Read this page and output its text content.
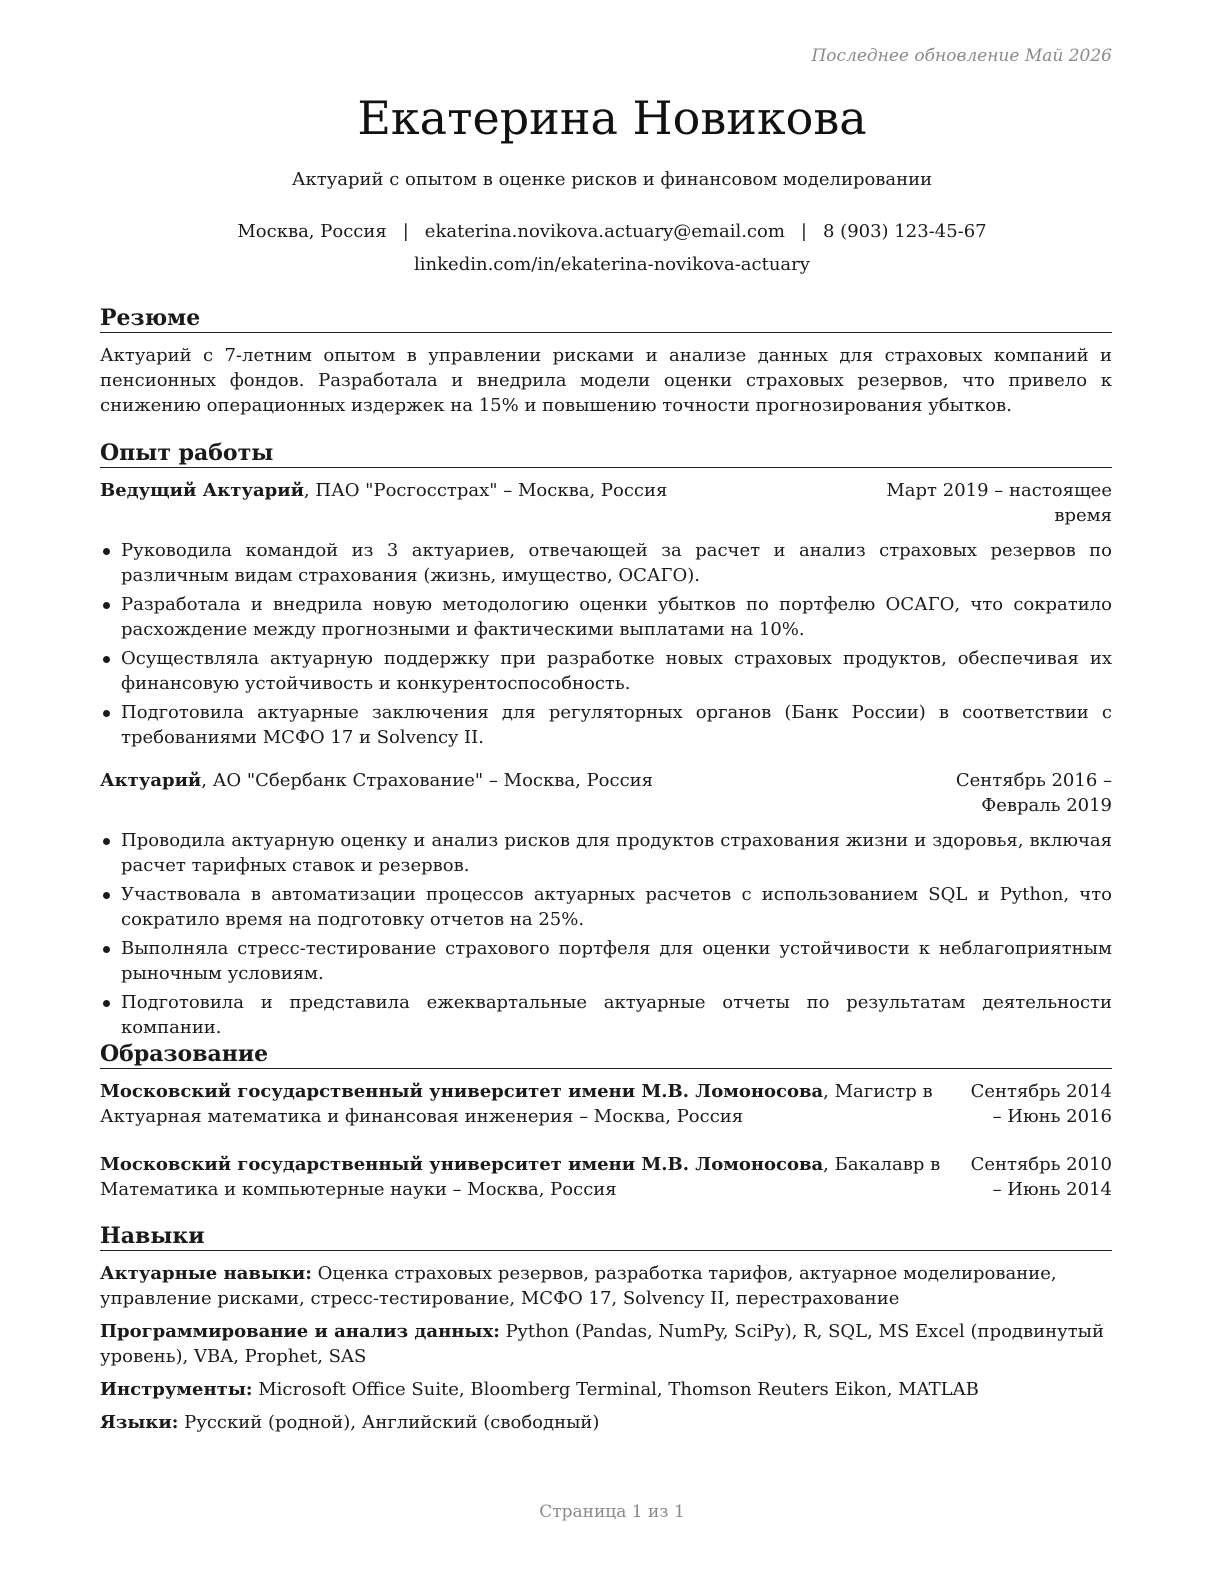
Последнее обновление Май 2026
Екатерина Новикова
Актуарий с опытом в оценке рисков и финансовом моделировании
Москва, Россия | ekaterina.novikova.actuary@email.com | 8 (903) 123-45-67
linkedin.com/in/ekaterina-novikova-actuary
Резюме

Актуарий с 7-летним опытом в управлении рисками и анализе данных для страховых компаний и пенсионных фондов. Разработала и внедрила модели оценки страховых резервов, что привело к снижению операционных издержек на 15% и повышению точности прогнозирования убытков.

Опыт работы
Ведущий Актуарий, ПАО "Росгосстрах" – Москва, Россия	Март 2019 – настоящее время
Руководила командой из 3 актуариев, отвечающей за расчет и анализ страховых резервов по различным видам страхования (жизнь, имущество, ОСАГО).
Разработала и внедрила новую методологию оценки убытков по портфелю ОСАГО, что сократило расхождение между прогнозными и фактическими выплатами на 10%.
Осуществляла актуарную поддержку при разработке новых страховых продуктов, обеспечивая их финансовую устойчивость и конкурентоспособность.
Подготовила актуарные заключения для регуляторных органов (Банк России) в соответствии с требованиями МСФО 17 и Solvency II.
Актуарий, АО "Сбербанк Страхование" – Москва, Россия	Сентябрь 2016 – Февраль 2019
Проводила актуарную оценку и анализ рисков для продуктов страхования жизни и здоровья, включая расчет тарифных ставок и резервов.
Участвовала в автоматизации процессов актуарных расчетов с использованием SQL и Python, что сократило время на подготовку отчетов на 25%.
Выполняла стресс-тестирование страхового портфеля для оценки устойчивости к неблагоприятным рыночным условиям.
Подготовила и представила ежеквартальные актуарные отчеты по результатам деятельности компании.
Образование
Московский государственный университет имени М.В. Ломоносова, Магистр в Актуарная математика и финансовая инженерия – Москва, Россия
Сентябрь 2014 – Июнь 2016
Московский государственный университет имени М.В. Ломоносова, Бакалавр в Математика и компьютерные науки – Москва, Россия
Сентябрь 2010 – Июнь 2014
Навыки

Актуарные навыки: Оценка страховых резервов, разработка тарифов, актуарное моделирование, управление рисками, стресс-тестирование, МСФО 17, Solvency II, перестрахование

Программирование и анализ данных: Python (Pandas, NumPy, SciPy), R, SQL, MS Excel (продвинутый уровень), VBA, Prophet, SAS

Инструменты: Microsoft Office Suite, Bloomberg Terminal, Thomson Reuters Eikon, MATLAB

Языки: Русский (родной), Английский (свободный)

Страница 1 из 1
